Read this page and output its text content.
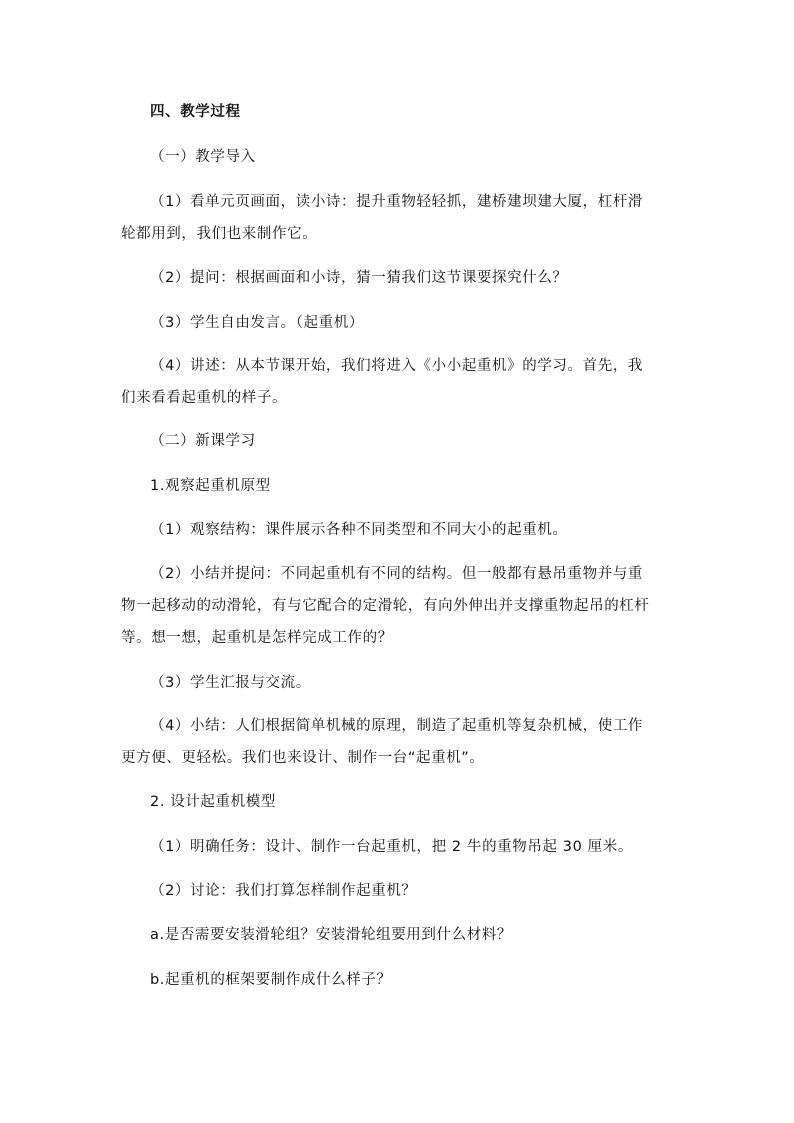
四、教学过程
（一）教学导入
（1）看单元页画面，读小诗：提升重物轻轻抓，建桥建坝建大厦，杠杆滑
轮都用到，我们也来制作它。
（2）提问：根据画面和小诗，猜一猜我们这节课要探究什么？
（3）学生自由发言。（起重机）
（4）讲述：从本节课开始，我们将进入《小小起重机》的学习。首先，我
们来看看起重机的样子。
（二）新课学习
1.观察起重机原型
（1）观察结构：课件展示各种不同类型和不同大小的起重机。
（2）小结并提问：不同起重机有不同的结构。但一般都有悬吊重物并与重
物一起移动的动滑轮，有与它配合的定滑轮，有向外伸出并支撑重物起吊的杠杆
等。想一想，起重机是怎样完成工作的？
（3）学生汇报与交流。
（4）小结：人们根据简单机械的原理，制造了起重机等复杂机械，使工作
更方便、更轻松。我们也来设计、制作一台“起重机”。
2. 设计起重机模型
（1）明确任务：设计、制作一台起重机，把 2 牛的重物吊起 30 厘米。
（2）讨论：我们打算怎样制作起重机？
a.是否需要安装滑轮组？安装滑轮组要用到什么材料？
b.起重机的框架要制作成什么样子？
